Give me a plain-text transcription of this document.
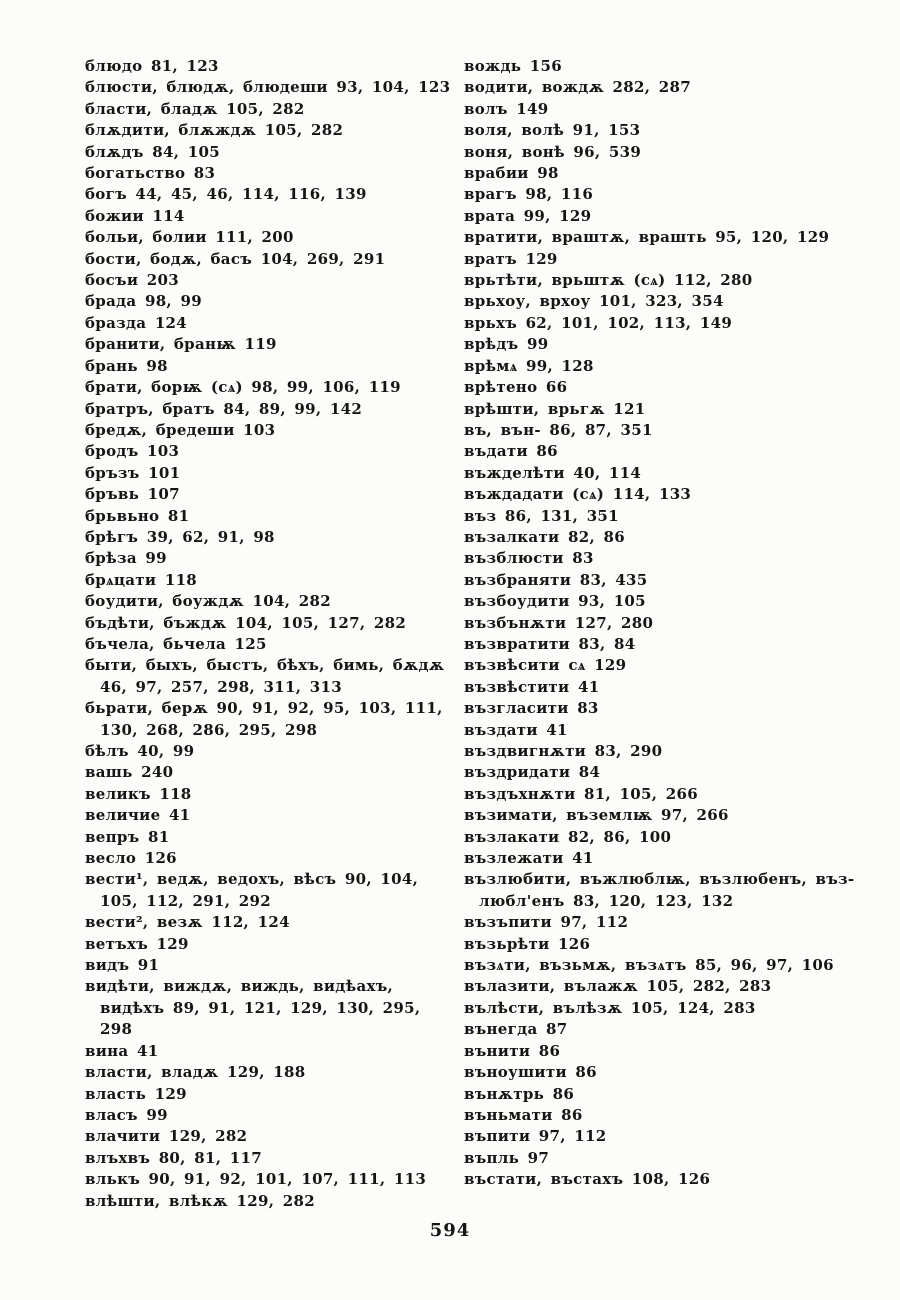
блюдо 81, 123
блюсти, блюдѫ, блюдеши 93, 104, 123
бласти, бладѫ 105, 282
блѫдити, блѫждѫ 105, 282
блѫдъ 84, 105
богатьство 83
богъ 44, 45, 46, 114, 116, 139
божии 114
больи, болии 111, 200
бости, бодѫ, басъ 104, 269, 291
босъи 203
брада 98, 99
бразда 124
бранити, бранѭ 119
брань 98
брати, борѭ (сѧ) 98, 99, 106, 119
братръ, братъ 84, 89, 99, 142
бредѫ, бредеши 103
бродъ 103
бръзъ 101
бръвь 107
брьвьно 81
брѣгъ 39, 62, 91, 98
брѣза 99
брѧцати 118
боудити, боуждѫ 104, 282
бъдѣти, бъждѫ 104, 105, 127, 282
бъчела, бьчела 125
быти, быхъ, быстъ, бѣхъ, бимь, бѫдѫ 46, 97, 257, 298, 311, 313
бьрати, берѫ 90, 91, 92, 95, 103, 111, 130, 268, 286, 295, 298
бѣлъ 40, 99
вашь 240
великъ 118
величие 41
вепръ 81
весло 126
вести¹, ведѫ, ведохъ, вѣсъ 90, 104, 105, 112, 291, 292
вести², везѫ 112, 124
ветъхъ 129
видъ 91
видѣти, виждѫ, виждь, видѣахъ, видѣхъ 89, 91, 121, 129, 130, 295, 298
вина 41
власти, владѫ 129, 188
власть 129
власъ 99
влачити 129, 282
влъхвъ 80, 81, 117
влькъ 90, 91, 92, 101, 107, 111, 113
влѣшти, влѣкѫ 129, 282
вождь 156
водити, вождѫ 282, 287
волъ 149
воля, волѣ 91, 153
воня, вонѣ 96, 539
врабии 98
врагъ 98, 116
врата 99, 129
вратити, враштѫ, врашть 95, 120, 129
вратъ 129
врьтѣти, врьштѫ (сѧ) 112, 280
врьхоу, врхоу 101, 323, 354
врьхъ 62, 101, 102, 113, 149
врѣдъ 99
врѣмѧ 99, 128
врѣтено 66
врѣшти, врьгѫ 121
въ, вън- 86, 87, 351
въдати 86
въжделѣти 40, 114
въждадати (сѧ) 114, 133
въз 86, 131, 351
възалкати 82, 86
възблюсти 83
възбраняти 83, 435
възбоудити 93, 105
възбънѫти 127, 280
възвратити 83, 84
възвѣсити сѧ 129
възвѣстити 41
възгласити 83
въздати 41
въздвигнѫти 83, 290
въздридати 84
въздъхнѫти 81, 105, 266
възимати, въземлѭ 97, 266
възлакати 82, 86, 100
възлежати 41
възлюбити, въжлюблѭ, възлюбенъ, въз-любл'енъ 83, 120, 123, 132
възъпити 97, 112
възьрѣти 126
възѧти, възьмѫ, възѧтъ 85, 96, 97, 106
вълазити, вълажѫ 105, 282, 283
вълѣсти, вълѣзѫ 105, 124, 283
вънегда 87
вънити 86
въноушити 86
вънѫтрь 86
въньмати 86
въпити 97, 112
въпль 97
въстати, въстахъ 108, 126
594
